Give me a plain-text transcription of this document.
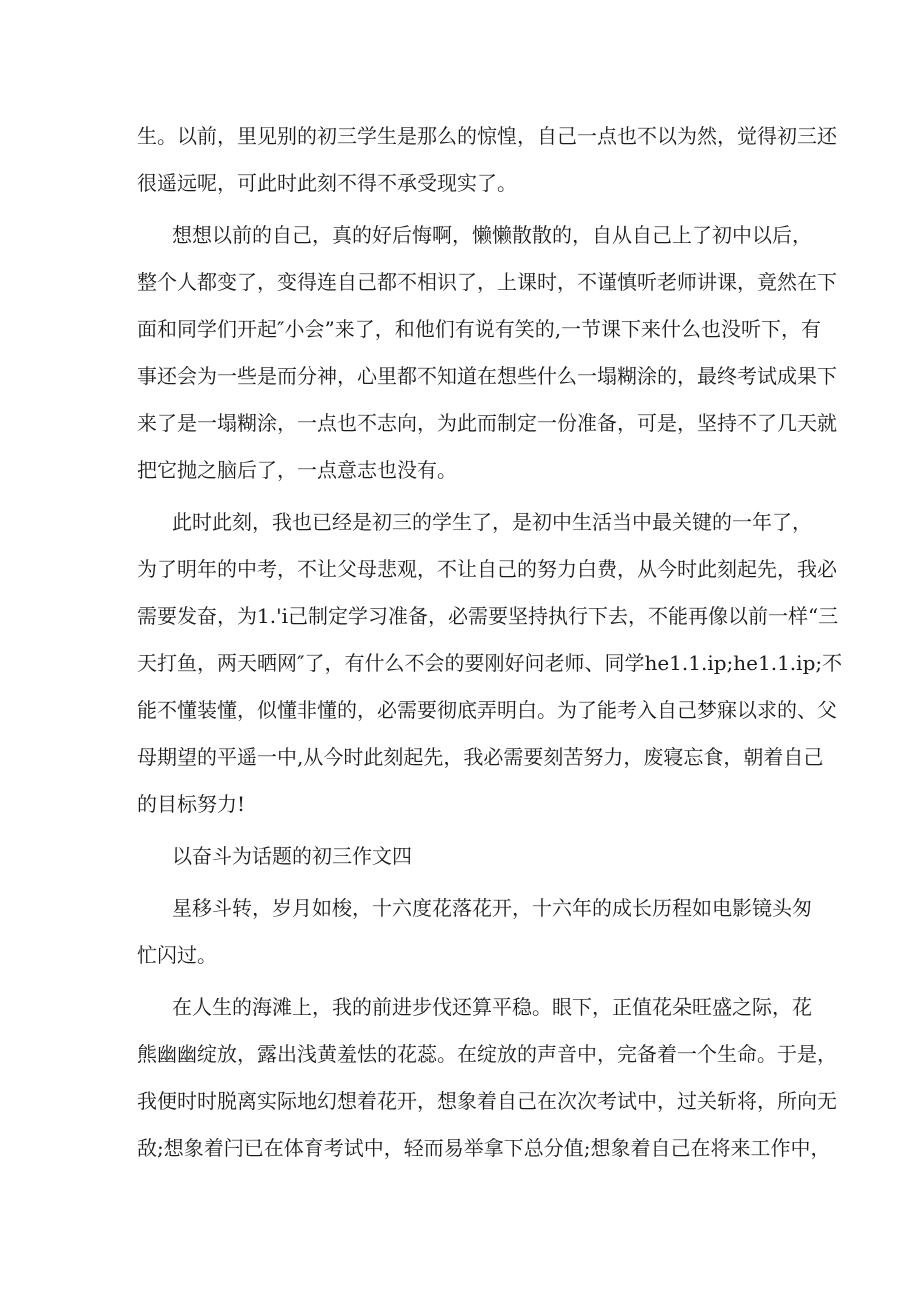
生。以前，里见别的初三学生是那么的惊惶，自己一点也不以为然，觉得初三还
很遥远呢，可此时此刻不得不承受现实了。
想想以前的自己，真的好后悔啊，懒懒散散的，自从自己上了初中以后，
整个人都变了，变得连自己都不相识了，上课时，不谨慎听老师讲课，竟然在下
面和同学们开起″小会”来了，和他们有说有笑的,一节课下来什么也没听下，有
事还会为一些是而分神，心里都不知道在想些什么一塌糊涂的，最终考试成果下
来了是一塌糊涂，一点也不志向，为此而制定一份准备，可是，坚持不了几天就
把它抛之脑后了，一点意志也没有。
此时此刻，我也已经是初三的学生了，是初中生活当中最关键的一年了，
为了明年的中考，不让父母悲观，不让自己的努力白费，从今时此刻起先，我必
需要发奋，为1.'i己制定学习准备，必需要坚持执行下去，不能再像以前一样“三
天打鱼，两天晒网″了，有什么不会的要刚好问老师、同学he1.1.ip;he1.1.ip;不
能不懂装懂，似懂非懂的，必需要彻底弄明白。为了能考入自己梦寐以求的、父
母期望的平遥一中,从今时此刻起先，我必需要刻苦努力，废寝忘食，朝着自己
的目标努力!
以奋斗为话题的初三作文四
星移斗转，岁月如梭，十六度花落花开，十六年的成长历程如电影镜头匆
忙闪过。
在人生的海滩上，我的前进步伐还算平稳。眼下，正值花朵旺盛之际，花
熊幽幽绽放，露出浅黄羞怯的花蕊。在绽放的声音中，完备着一个生命。于是，
我便时时脱离实际地幻想着花开，想象着自己在次次考试中，过关斩将，所向无
敌;想象着闩已在体育考试中，轻而易举拿下总分值;想象着自己在将来工作中，
